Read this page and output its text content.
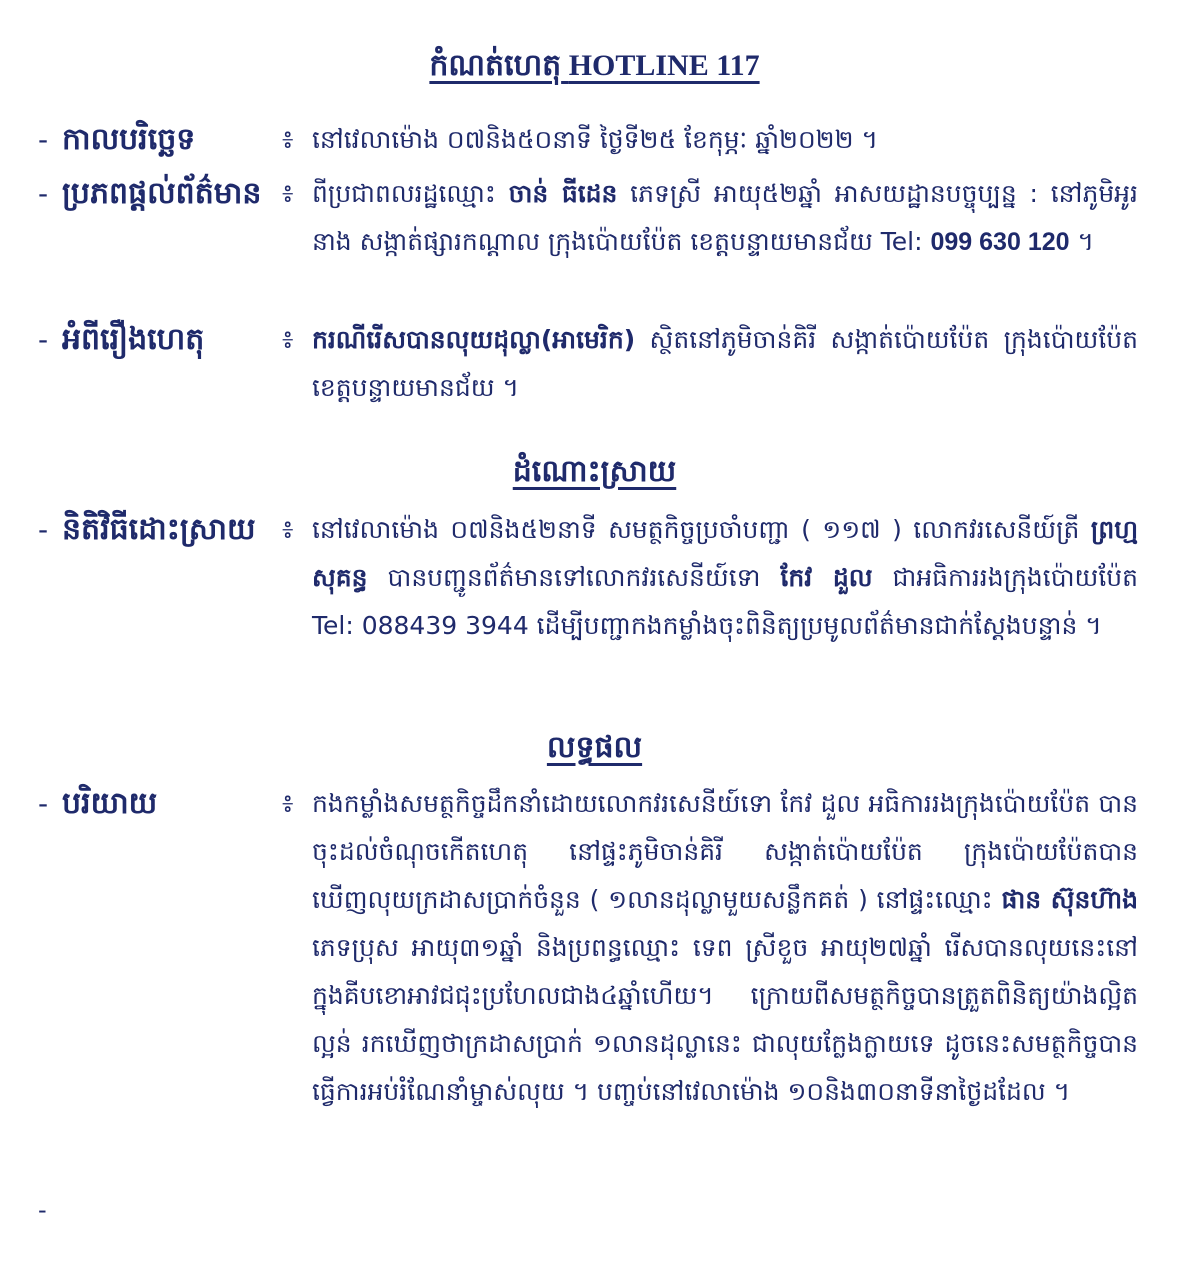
កំណត់ហេតុ HOTLINE 117
- កាលបរិច្ឆេទ	៖ នៅវេលាម៉ោង ០៧និង៥០នាទី ថ្ងៃទី២៥ ខែកុម្ភៈ ឆ្នាំ២០២២ ។
- ប្រភពផ្តល់ព័ត៌មាន ៖ ពីប្រជាពលរដ្ឋឈ្មោះ ចាន់ ធីដេន ភេទស្រី អាយុ៥២ឆ្នាំ អាសយដ្ឋានបច្ចុប្បន្ន : នៅភូមិអូរនាង សង្កាត់ផ្សារកណ្តាល ក្រុងប៉ោយប៉ែត ខេត្តបន្ទាយមានជ័យ Tel: 099 630 120 ។
- អំពីរឿងហេតុ	៖ ករណីរើសបានលុយដុល្លា(អាមេរិក) ស្ថិតនៅភូមិចាន់គិរី សង្កាត់ប៉ោយប៉ែត ក្រុងប៉ោយប៉ែតខេត្តបន្ទាយមានជ័យ ។
ដំណោះស្រាយ
- និតិវិធីដោះស្រាយ ៖ នៅវេលាម៉ោង ០៧និង៥២នាទី សមត្ថកិច្ចប្រចាំបញ្ជា ( ១១៧ ) លោកវរសេនីយ៍ត្រី ព្រហ្ម សុគន្ធ បានបញ្ជូនព័ត៌មានទៅលោកវរសេនីយ៍ទោ កែវ ដួល ជាអធិការរងក្រុងប៉ោយប៉ែត Tel: 088439 3944 ដើម្បីបញ្ជាកងកម្លាំងចុះពិនិត្យប្រមូលព័ត៌មានជាក់ស្តែងបន្ទាន់ ។
លទ្ធផល
- បរិយាយ	៖ កងកម្លាំងសមត្ថកិច្ចដឹកនាំដោយលោកវរសេនីយ៍ទោ កែវ ដួល អធិការរងក្រុងប៉ោយប៉ែត បានចុះដល់ចំណុចកើតហេតុ នៅផ្ទះភូមិចាន់គិរី សង្កាត់ប៉ោយប៉ែត ក្រុងប៉ោយប៉ែតបានឃើញលុយក្រដាសប្រាក់ចំនួន ( ១លានដុល្លាមួយសន្លឹកគត់ ) នៅផ្ទះឈ្មោះ ផាន ស៊ុនហ៊ាង ភេទប្រុស អាយុ៣១ឆ្នាំ និងប្រពន្ធឈ្មោះ ទេព ស្រីខួច អាយុ២៧ឆ្នាំ រើសបានលុយនេះនៅក្នុងគីបខោអាវជជុះប្រហែលជាង៤ឆ្នាំហើយ។ ក្រោយពីសមត្ថកិច្ចបានត្រួតពិនិត្យយ៉ាងល្អិតល្អន់ រកឃើញថាក្រដាសប្រាក់ ១លានដុល្លានេះ ជាលុយក្លែងក្លាយទេ ដូចនេះសមត្ថកិច្ចបានធ្វើការអប់រំណែនាំម្ចាស់លុយ ។ បញ្ចប់នៅវេលាម៉ោង ១០និង៣០នាទីនាថ្ងៃដដែល ។
-
